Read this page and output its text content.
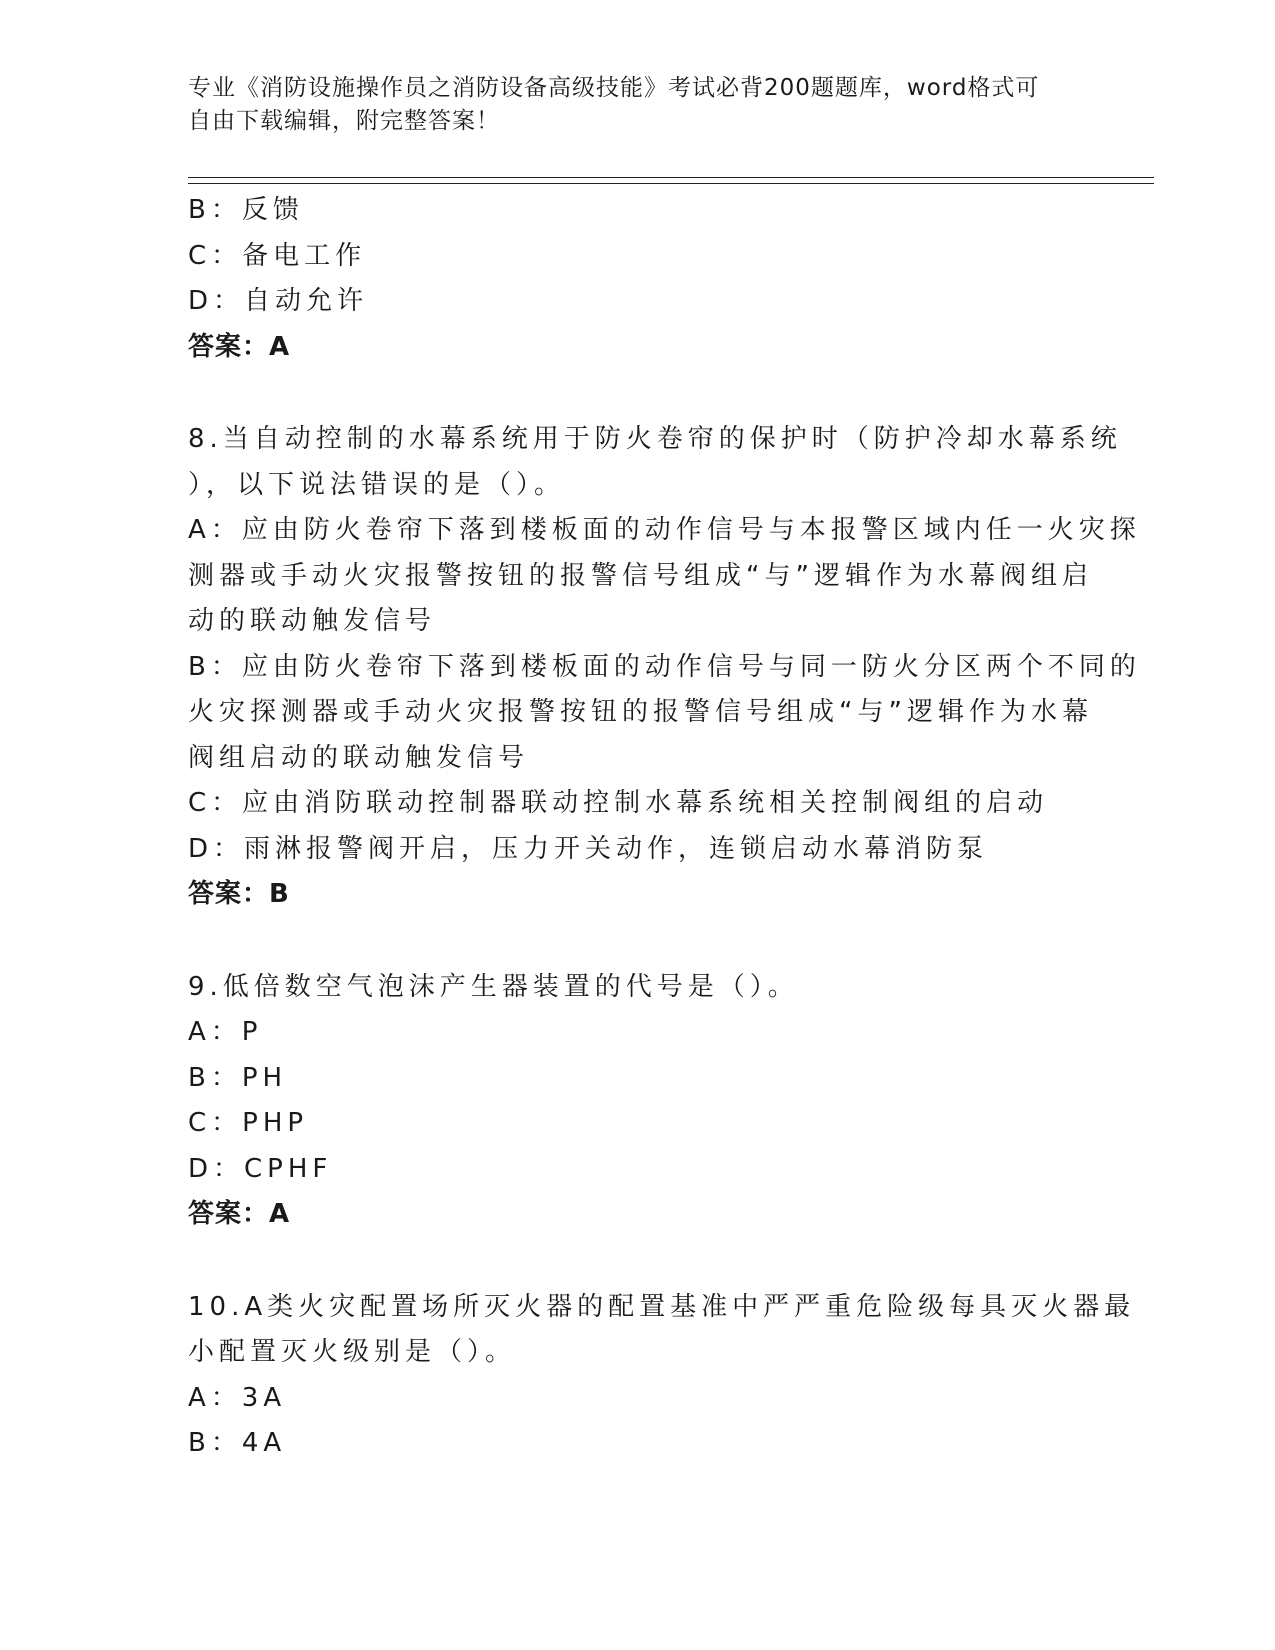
专业《消防设施操作员之消防设备高级技能》考试必背200题题库，word格式可
自由下载编辑，附完整答案！

B：反馈

C：备电工作

D：自动允许

答案：A

8.当自动控制的水幕系统用于防火卷帘的保护时（防护冷却水幕系统

），以下说法错误的是（）。

A：应由防火卷帘下落到楼板面的动作信号与本报警区域内任一火灾探

测器或手动火灾报警按钮的报警信号组成“与”逻辑作为水幕阀组启

动的联动触发信号

B：应由防火卷帘下落到楼板面的动作信号与同一防火分区两个不同的

火灾探测器或手动火灾报警按钮的报警信号组成“与”逻辑作为水幕

阀组启动的联动触发信号

C：应由消防联动控制器联动控制水幕系统相关控制阀组的启动

D：雨淋报警阀开启，压力开关动作，连锁启动水幕消防泵

答案：B

9.低倍数空气泡沫产生器装置的代号是（）。

A：P

B：PH

C：PHP

D：CPHF

答案：A

10.A类火灾配置场所灭火器的配置基准中严严重危险级每具灭火器最

小配置灭火级别是（）。

A：3A

B：4A
